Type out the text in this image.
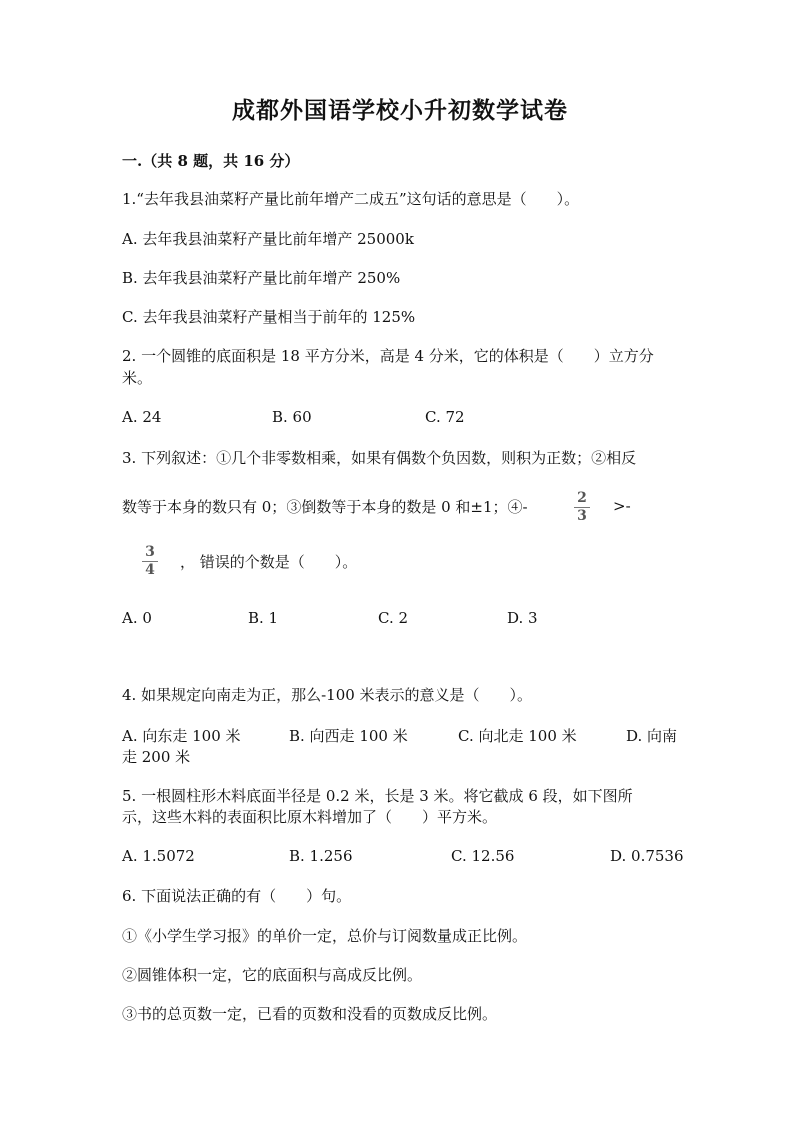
成都外国语学校小升初数学试卷
一.（共 8 题，共 16 分）
1.“去年我县油菜籽产量比前年增产二成五”这句话的意思是（　　）。
A. 去年我县油菜籽产量比前年增产 25000k
B. 去年我县油菜籽产量比前年增产 250%
C. 去年我县油菜籽产量相当于前年的 125%
2. 一个圆锥的底面积是 18 平方分米，高是 4 分米，它的体积是（　　）立方分
米。
A. 24	B. 60	C. 72
3. 下列叙述：①几个非零数相乘，如果有偶数个负因数，则积为正数；②相反
数等于本身的数只有 0；③倒数等于本身的数是 0 和±1；④-	2
3
>-
3
4	， 错误的个数是（　　）。
A. 0	B. 1	C. 2	D. 3
4. 如果规定向南走为正，那么-100 米表示的意义是（　　）。
A. 向东走 100 米	B. 向西走 100 米	C. 向北走 100 米	D. 向南
走 200 米
5. 一根圆柱形木料底面半径是 0.2 米，长是 3 米。将它截成 6 段，如下图所
示，这些木料的表面积比原木料增加了（　　）平方米。
A. 1.5072	B. 1.256	C. 12.56	D. 0.7536
6. 下面说法正确的有（　　）句。
①《小学生学习报》的单价一定，总价与订阅数量成正比例。
②圆锥体积一定，它的底面积与高成反比例。
③书的总页数一定，已看的页数和没看的页数成反比例。
